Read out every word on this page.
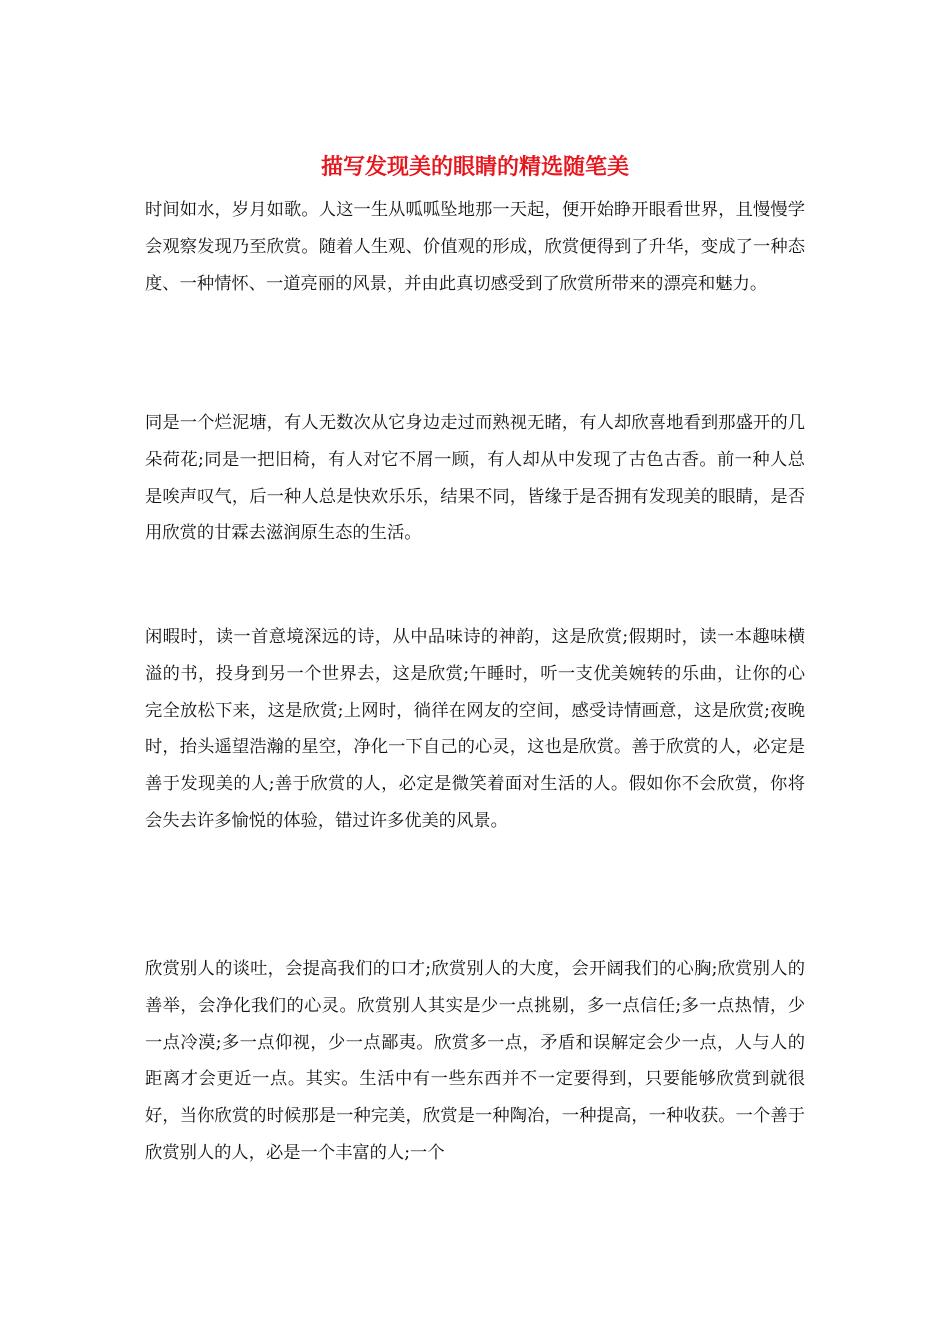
描写发现美的眼睛的精选随笔美

时间如水，岁月如歌。人这一生从呱呱坠地那一天起，便开始睁开眼看世界，且慢慢学会观察发现乃至欣赏。随着人生观、价值观的形成，欣赏便得到了升华，变成了一种态度、一种情怀、一道亮丽的风景，并由此真切感受到了欣赏所带来的漂亮和魅力。

同是一个烂泥塘，有人无数次从它身边走过而熟视无睹，有人却欣喜地看到那盛开的几朵荷花;同是一把旧椅，有人对它不屑一顾，有人却从中发现了古色古香。前一种人总是唉声叹气，后一种人总是快欢乐乐，结果不同，皆缘于是否拥有发现美的眼睛，是否用欣赏的甘霖去滋润原生态的生活。

闲暇时，读一首意境深远的诗，从中品味诗的神韵，这是欣赏;假期时，读一本趣味横溢的书，投身到另一个世界去，这是欣赏;午睡时，听一支优美婉转的乐曲，让你的心完全放松下来，这是欣赏;上网时，徜徉在网友的空间，感受诗情画意，这是欣赏;夜晚时，抬头遥望浩瀚的星空，净化一下自己的心灵，这也是欣赏。善于欣赏的人，必定是善于发现美的人;善于欣赏的人，必定是微笑着面对生活的人。假如你不会欣赏，你将会失去许多愉悦的体验，错过许多优美的风景。

欣赏别人的谈吐，会提高我们的口才;欣赏别人的大度，会开阔我们的心胸;欣赏别人的善举，会净化我们的心灵。欣赏别人其实是少一点挑剔，多一点信任;多一点热情，少一点冷漠;多一点仰视，少一点鄙夷。欣赏多一点，矛盾和误解定会少一点，人与人的距离才会更近一点。其实。生活中有一些东西并不一定要得到，只要能够欣赏到就很好，当你欣赏的时候那是一种完美，欣赏是一种陶冶，一种提高，一种收获。一个善于欣赏别人的人，必是一个丰富的人;一个
